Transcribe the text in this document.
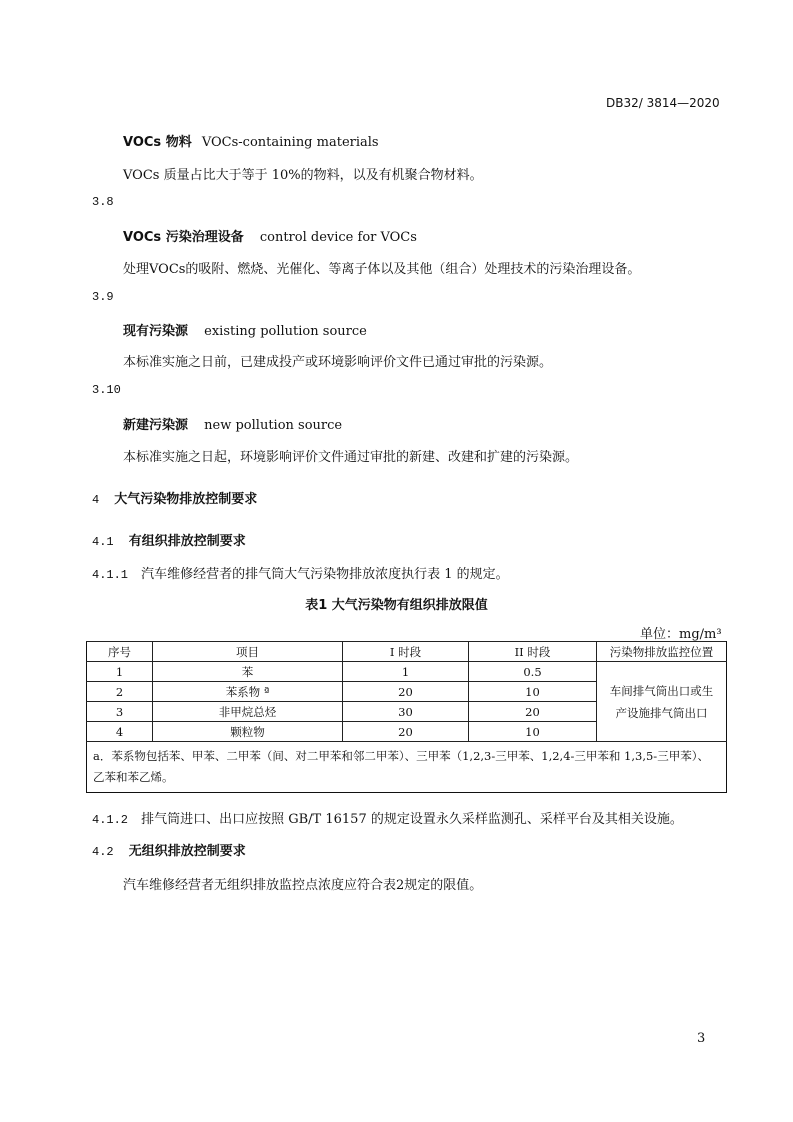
DB32/ 3814—2020
VOCs 物料 VOCs-containing materials
VOCs 质量占比大于等于 10%的物料，以及有机聚合物材料。
3.8
VOCs 污染治理设备 control device for VOCs
处理VOCs的吸附、燃烧、光催化、等离子体以及其他（组合）处理技术的污染治理设备。
3.9
现有污染源 existing pollution source
本标准实施之日前，已建成投产或环境影响评价文件已通过审批的污染源。
3.10
新建污染源 new pollution source
本标准实施之日起，环境影响评价文件通过审批的新建、改建和扩建的污染源。
4 大气污染物排放控制要求
4.1 有组织排放控制要求
4.1.1 汽车维修经营者的排气筒大气污染物排放浓度执行表 1 的规定。
表1 大气污染物有组织排放限值
单位：mg/m³
序号	项目	I 时段	II 时段	污染物排放监控位置
1	苯	1	0.5	车间排气筒出口或生产设施排气筒出口
2	苯系物 ª	20	10	
3	非甲烷总烃	30	20	
4	颗粒物	20	10	
a．苯系物包括苯、甲苯、二甲苯（间、对二甲苯和邻二甲苯）、三甲苯（1,2,3-三甲苯、1,2,4-三甲苯和 1,3,5-三甲苯）、乙苯和苯乙烯。				
4.1.2 排气筒进口、出口应按照 GB/T 16157 的规定设置永久采样监测孔、采样平台及其相关设施。
4.2 无组织排放控制要求
汽车维修经营者无组织排放监控点浓度应符合表2规定的限值。
3
